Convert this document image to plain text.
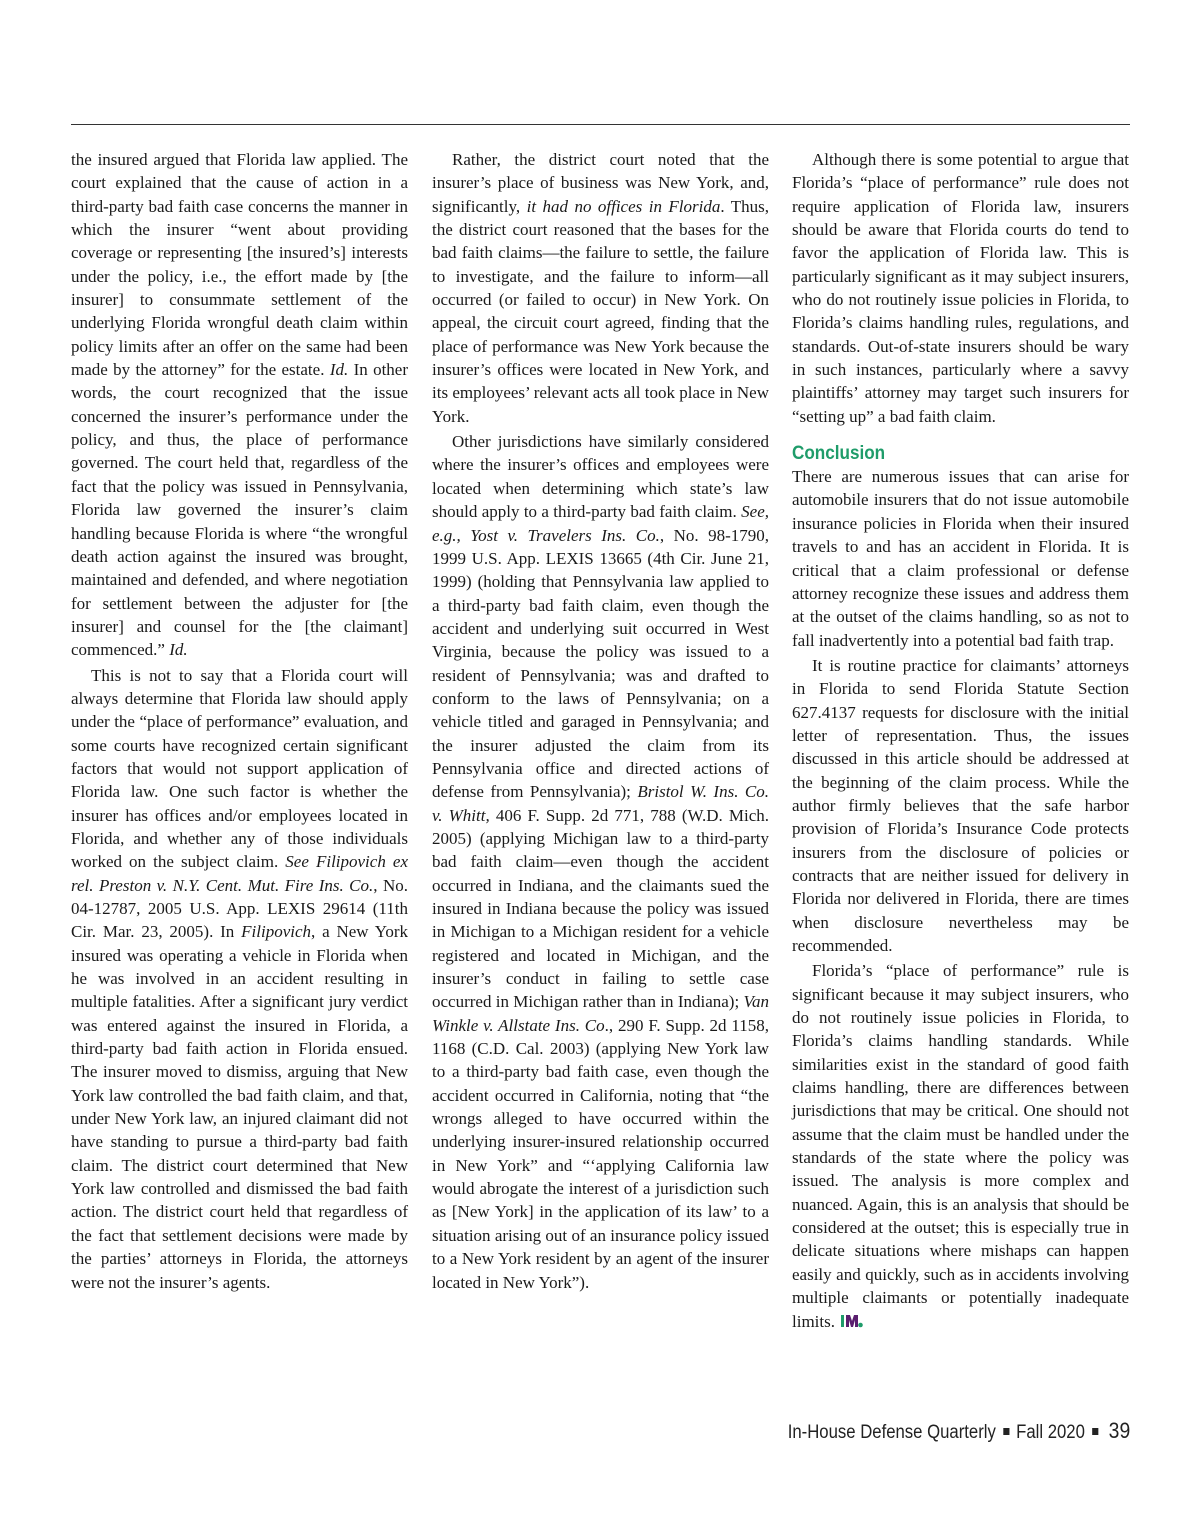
the insured argued that Florida law applied. The court explained that the cause of action in a third-party bad faith case concerns the manner in which the insurer “went about providing coverage or representing [the insured’s] interests under the policy, i.e., the effort made by [the insurer] to consummate settlement of the underlying Florida wrongful death claim within policy limits after an offer on the same had been made by the attorney” for the estate. Id. In other words, the court recognized that the issue concerned the insurer’s performance under the policy, and thus, the place of performance governed. The court held that, regardless of the fact that the policy was issued in Pennsylvania, Florida law governed the insurer’s claim handling because Florida is where “the wrongful death action against the insured was brought, maintained and defended, and where negotiation for settlement between the adjuster for [the insurer] and counsel for the [the claimant] commenced.” Id.

This is not to say that a Florida court will always determine that Florida law should apply under the “place of performance” evaluation, and some courts have recognized certain significant factors that would not support application of Florida law. One such factor is whether the insurer has offices and/or employees located in Florida, and whether any of those individuals worked on the subject claim. See Filipovich ex rel. Preston v. N.Y. Cent. Mut. Fire Ins. Co., No. 04-12787, 2005 U.S. App. LEXIS 29614 (11th Cir. Mar. 23, 2005). In Filipovich, a New York insured was operating a vehicle in Florida when he was involved in an accident resulting in multiple fatalities. After a significant jury verdict was entered against the insured in Florida, a third-party bad faith action in Florida ensued. The insurer moved to dismiss, arguing that New York law controlled the bad faith claim, and that, under New York law, an injured claimant did not have standing to pursue a third-party bad faith claim. The district court determined that New York law controlled and dismissed the bad faith action. The district court held that regardless of the fact that settlement decisions were made by the parties’ attorneys in Florida, the attorneys were not the insurer’s agents.

Rather, the district court noted that the insurer’s place of business was New York, and, significantly, it had no offices in Florida. Thus, the district court reasoned that the bases for the bad faith claims—the failure to settle, the failure to investigate, and the failure to inform—all occurred (or failed to occur) in New York. On appeal, the circuit court agreed, finding that the place of performance was New York because the insurer’s offices were located in New York, and its employees’ relevant acts all took place in New York.

Other jurisdictions have similarly considered where the insurer’s offices and employees were located when determining which state’s law should apply to a third-party bad faith claim. See, e.g., Yost v. Travelers Ins. Co., No. 98-1790, 1999 U.S. App. LEXIS 13665 (4th Cir. June 21, 1999) (holding that Pennsylvania law applied to a third-party bad faith claim, even though the accident and underlying suit occurred in West Virginia, because the policy was issued to a resident of Pennsylvania; was and drafted to conform to the laws of Pennsylvania; on a vehicle titled and garaged in Pennsylvania; and the insurer adjusted the claim from its Pennsylvania office and directed actions of defense from Pennsylvania); Bristol W. Ins. Co. v. Whitt, 406 F. Supp. 2d 771, 788 (W.D. Mich. 2005) (applying Michigan law to a third-party bad faith claim—even though the accident occurred in Indiana, and the claimants sued the insured in Indiana because the policy was issued in Michigan to a Michigan resident for a vehicle registered and located in Michigan, and the insurer’s conduct in failing to settle case occurred in Michigan rather than in Indiana); Van Winkle v. Allstate Ins. Co., 290 F. Supp. 2d 1158, 1168 (C.D. Cal. 2003) (applying New York law to a third-party bad faith case, even though the accident occurred in California, noting that “the wrongs alleged to have occurred within the underlying insurer-insured relationship occurred in New York” and “‘applying California law would abrogate the interest of a jurisdiction such as [New York] in the application of its law’ to a situation arising out of an insurance policy issued to a New York resident by an agent of the insurer located in New York”).

Although there is some potential to argue that Florida’s “place of performance” rule does not require application of Florida law, insurers should be aware that Florida courts do tend to favor the application of Florida law. This is particularly significant as it may subject insurers, who do not routinely issue policies in Florida, to Florida’s claims handling rules, regulations, and standards. Out-of-state insurers should be wary in such instances, particularly where a savvy plaintiffs’ attorney may target such insurers for “setting up” a bad faith claim.

Conclusion

There are numerous issues that can arise for automobile insurers that do not issue automobile insurance policies in Florida when their insured travels to and has an accident in Florida. It is critical that a claim professional or defense attorney recognize these issues and address them at the outset of the claims handling, so as not to fall inadvertently into a potential bad faith trap.

It is routine practice for claimants’ attorneys in Florida to send Florida Statute Section 627.4137 requests for disclosure with the initial letter of representation. Thus, the issues discussed in this article should be addressed at the beginning of the claim process. While the author firmly believes that the safe harbor provision of Florida’s Insurance Code protects insurers from the disclosure of policies or contracts that are neither issued for delivery in Florida nor delivered in Florida, there are times when disclosure nevertheless may be recommended.

Florida’s “place of performance” rule is significant because it may subject insurers, who do not routinely issue policies in Florida, to Florida’s claims handling standards. While similarities exist in the standard of good faith claims handling, there are differences between jurisdictions that may be critical. One should not assume that the claim must be handled under the standards of the state where the policy was issued. The analysis is more complex and nuanced. Again, this is an analysis that should be considered at the outset; this is especially true in delicate situations where mishaps can happen easily and quickly, such as in accidents involving multiple claimants or potentially inadequate limits.

In-House Defense Quarterly Fall 2020 39
